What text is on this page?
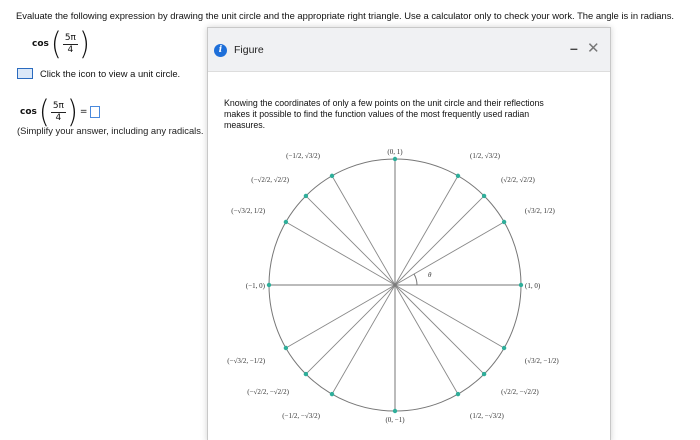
Evaluate the following expression by drawing the unit circle and the appropriate right triangle. Use a calculator only to check your work. The angle is in radians.
cos ( $\frac{5\pi}{4}$ )
Click the icon to view a unit circle.
cos ( $\frac{5\pi}{4}$ ) =
(Simplify your answer, including any radicals.
i	Figure	– ✕
Knowing the coordinates of only a few points on the unit circle and their reflections makes it possible to find the function values of the most frequently used radian measures.
θ
(0, 1)
(1/2, √3/2)
(√2/2, √2/2)
(√3/2, 1/2)
(1, 0)
(√3/2, −1/2)
(√2/2, −√2/2)
(1/2, −√3/2)
(0, −1)
(−1/2, −√3/2)
(−√2/2, −√2/2)
(−√3/2, −1/2)
(−1, 0)
(−√3/2, 1/2)
(−√2/2, √2/2)
(−1/2, √3/2)
